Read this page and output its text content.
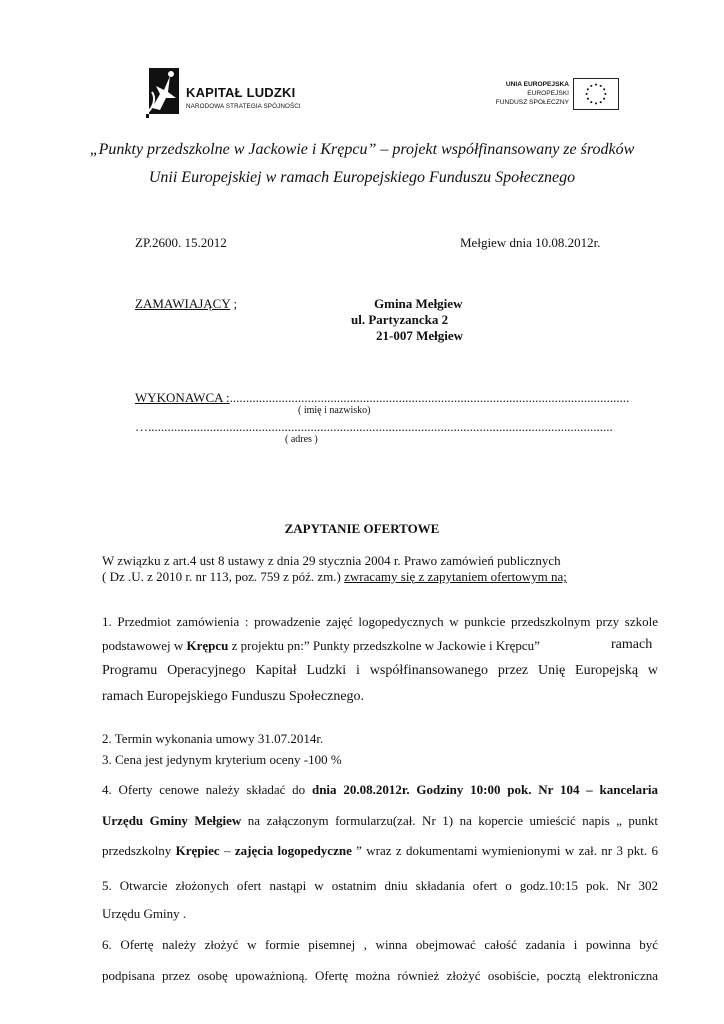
KAPITAŁ LUDZKI
NARODOWA STRATEGIA SPÓJNOŚCI
UNIA EUROPEJSKA
EUROPEJSKI
FUNDUSZ SPOŁECZNY
„Punkty przedszkolne w Jackowie i Krępcu” – projekt współfinansowany ze środków
Unii Europejskiej w ramach Europejskiego Funduszu Społecznego
ZP.2600. 15.2012	Mełgiew dnia 10.08.2012r.
ZAMAWIAJĄCY ;	Gmina Mełgiew
ul. Partyzancka 2
21-007 Mełgiew
WYKONAWCA :...........................................................................................................................
( imię i nazwisko)
…...............................................................................................................................................
( adres )
ZAPYTANIE OFERTOWE
W związku z art.4 ust 8 ustawy z dnia 29 stycznia 2004 r. Prawo zamówień publicznych
( Dz .U. z 2010 r. nr 113, poz. 759 z póź. zm.) zwracamy się z zapytaniem ofertowym na;
1. Przedmiot zamówienia : prowadzenie zajęć logopedycznych w punkcie przedszkolnym przy szkole
podstawowej w Krępcu z projektu pn:” Punkty przedszkolne w Jackowie i Krępcu”	ramach
Programu Operacyjnego Kapitał Ludzki i współfinansowanego przez Unię Europejską w
ramach Europejskiego Funduszu Społecznego.
2. Termin wykonania umowy 31.07.2014r.
3. Cena jest jedynym kryterium oceny -100 %
4. Oferty cenowe należy składać do dnia 20.08.2012r. Godziny 10:00 pok. Nr 104 – kancelaria
Urzędu Gminy Mełgiew na załączonym formularzu(zał. Nr 1) na kopercie umieścić napis „ punkt
przedszkolny Krępiec – zajęcia logopedyczne ” wraz z dokumentami wymienionymi w zał. nr 3 pkt. 6
5. Otwarcie złożonych ofert nastąpi w ostatnim dniu składania ofert o godz.10:15 pok. Nr 302
Urzędu Gminy .
6. Ofertę należy złożyć w formie pisemnej , winna obejmować całość zadania i powinna być
podpisana przez osobę upoważnioną. Ofertę można również złożyć osobiście, pocztą elektroniczna
